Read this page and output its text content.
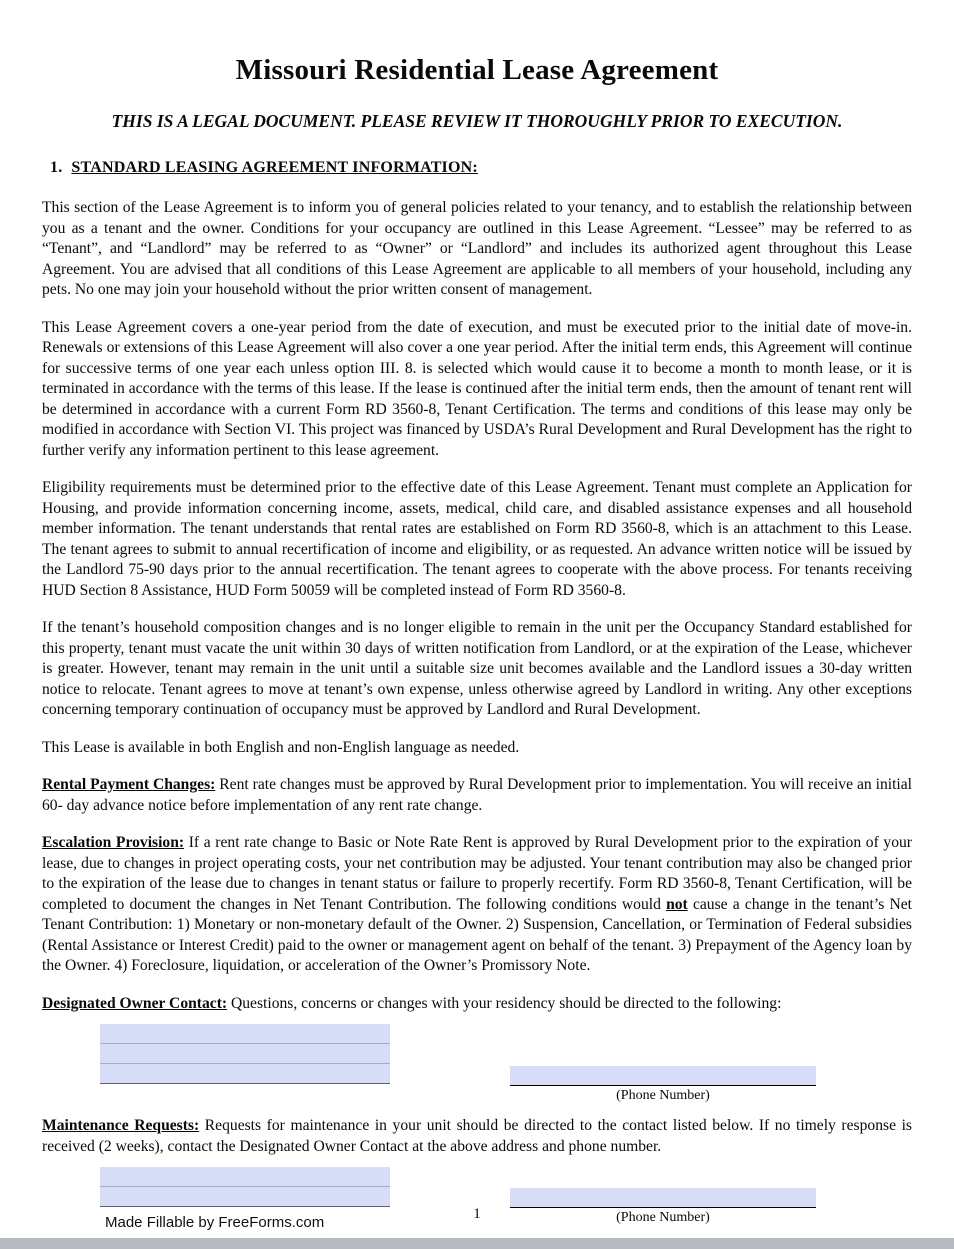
Missouri Residential Lease Agreement

THIS IS A LEGAL DOCUMENT. PLEASE REVIEW IT THOROUGHLY PRIOR TO EXECUTION.

1. STANDARD LEASING AGREEMENT INFORMATION:

This section of the Lease Agreement is to inform you of general policies related to your tenancy, and to establish the relationship between you as a tenant and the owner. Conditions for your occupancy are outlined in this Lease Agreement. “Lessee” may be referred to as “Tenant”, and “Landlord” may be referred to as “Owner” or “Landlord” and includes its authorized agent throughout this Lease Agreement. You are advised that all conditions of this Lease Agreement are applicable to all members of your household, including any pets. No one may join your household without the prior written consent of management.

This Lease Agreement covers a one-year period from the date of execution, and must be executed prior to the initial date of move-in. Renewals or extensions of this Lease Agreement will also cover a one year period. After the initial term ends, this Agreement will continue for successive terms of one year each unless option III. 8. is selected which would cause it to become a month to month lease, or it is terminated in accordance with the terms of this lease. If the lease is continued after the initial term ends, then the amount of tenant rent will be determined in accordance with a current Form RD 3560-8, Tenant Certification. The terms and conditions of this lease may only be modified in accordance with Section VI. This project was financed by USDA’s Rural Development and Rural Development has the right to further verify any information pertinent to this lease agreement.

Eligibility requirements must be determined prior to the effective date of this Lease Agreement. Tenant must complete an Application for Housing, and provide information concerning income, assets, medical, child care, and disabled assistance expenses and all household member information. The tenant understands that rental rates are established on Form RD 3560-8, which is an attachment to this Lease. The tenant agrees to submit to annual recertification of income and eligibility, or as requested. An advance written notice will be issued by the Landlord 75-90 days prior to the annual recertification. The tenant agrees to cooperate with the above process. For tenants receiving HUD Section 8 Assistance, HUD Form 50059 will be completed instead of Form RD 3560-8.

If the tenant’s household composition changes and is no longer eligible to remain in the unit per the Occupancy Standard established for this property, tenant must vacate the unit within 30 days of written notification from Landlord, or at the expiration of the Lease, whichever is greater. However, tenant may remain in the unit until a suitable size unit becomes available and the Landlord issues a 30-day written notice to relocate. Tenant agrees to move at tenant’s own expense, unless otherwise agreed by Landlord in writing. Any other exceptions concerning temporary continuation of occupancy must be approved by Landlord and Rural Development.

This Lease is available in both English and non-English language as needed.

Rental Payment Changes: Rent rate changes must be approved by Rural Development prior to implementation. You will receive an initial 60- day advance notice before implementation of any rent rate change.

Escalation Provision: If a rent rate change to Basic or Note Rate Rent is approved by Rural Development prior to the expiration of your lease, due to changes in project operating costs, your net contribution may be adjusted. Your tenant contribution may also be changed prior to the expiration of the lease due to changes in tenant status or failure to properly recertify. Form RD 3560-8, Tenant Certification, will be completed to document the changes in Net Tenant Contribution. The following conditions would not cause a change in the tenant’s Net Tenant Contribution: 1) Monetary or non-monetary default of the Owner. 2) Suspension, Cancellation, or Termination of Federal subsidies (Rental Assistance or Interest Credit) paid to the owner or management agent on behalf of the tenant. 3) Prepayment of the Agency loan by the Owner. 4) Foreclosure, liquidation, or acceleration of the Owner’s Promissory Note.

Designated Owner Contact: Questions, concerns or changes with your residency should be directed to the following:

(Phone Number)

Maintenance Requests: Requests for maintenance in your unit should be directed to the contact listed below. If no timely response is received (2 weeks), contact the Designated Owner Contact at the above address and phone number.

(Phone Number)
Made Fillable by FreeForms.com	1
